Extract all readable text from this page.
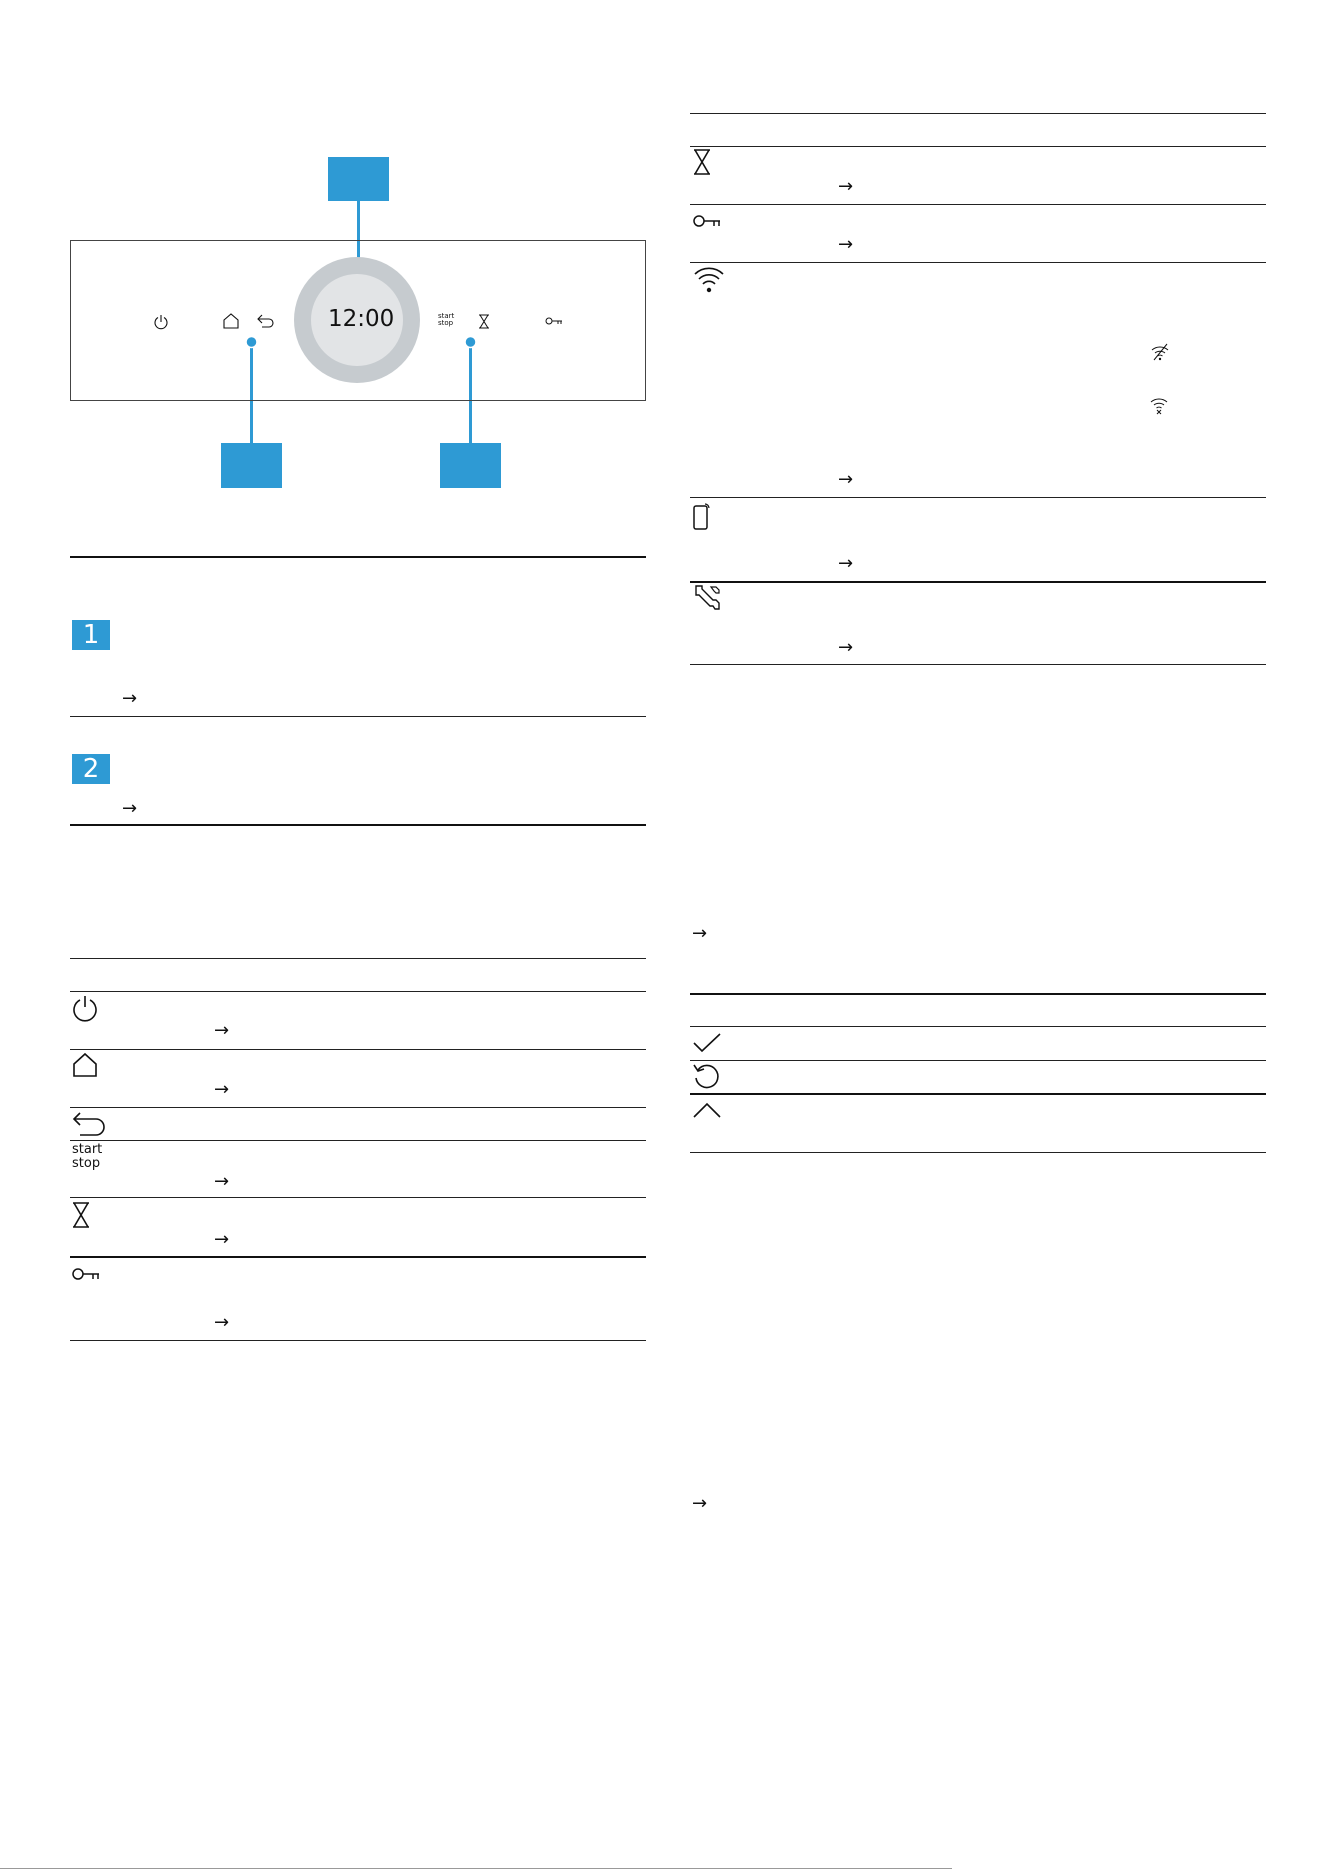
12:00	start
stop
1
→
2
→
→
→
start
stop
→
→
→
→
→
→
→
→
→
→
